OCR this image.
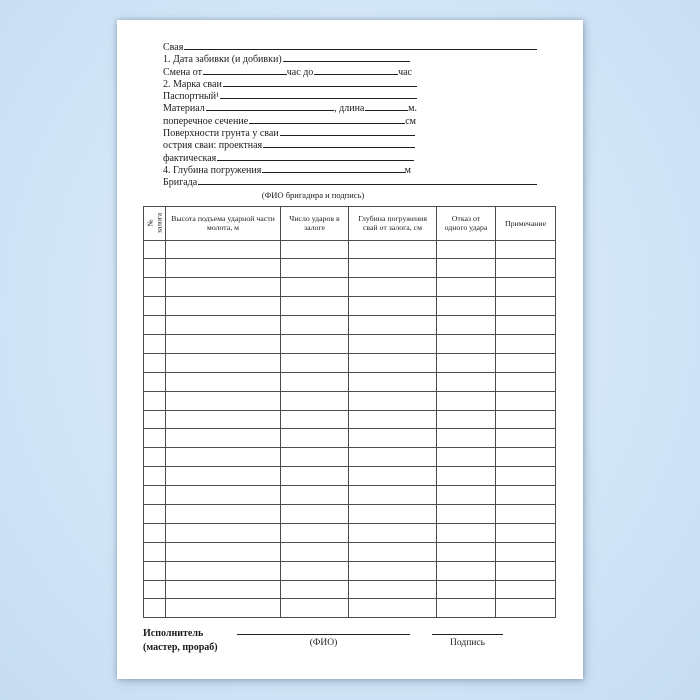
Свая
1. Дата забивки (и добивки)
Смена от	час до	час
2. Марка сваи
Паспортный¹
Материал	, длина	м.
поперечное сечение	см
Поверхности грунта у сваи
острия сваи: проектная
фактическая
4. Глубина погружения	м
Бригада
(ФИО бригадира и подпись)
№ залога	Высота подъема ударной части молота, м	Число ударов в залоге	Глубина погружения свай от залога, см	Отказ от одного удара	Примечание

Исполнитель
(мастер, прораб)	(ФИО)	Подпись
